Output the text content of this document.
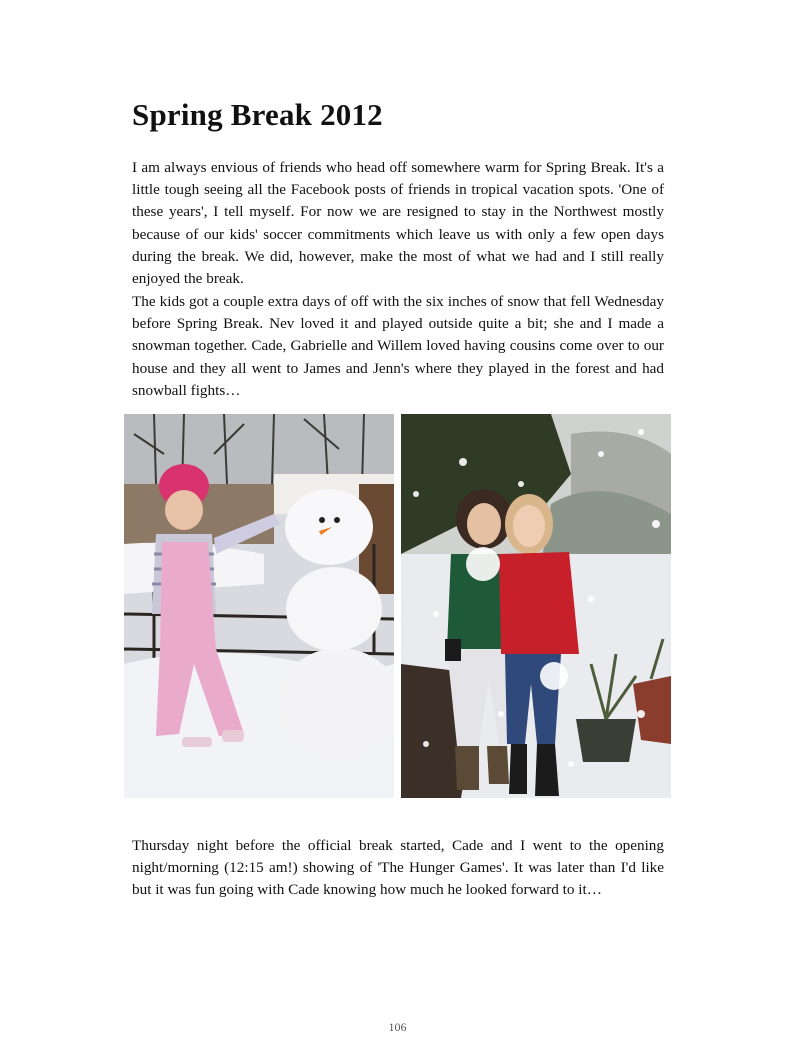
Spring Break 2012

I am always envious of friends who head off somewhere warm for Spring Break. It's a little tough seeing all the Facebook posts of friends in tropical vacation spots. 'One of these years', I tell myself. For now we are resigned to stay in the Northwest mostly because of our kids' soccer commitments which leave us with only a few open days during the break. We did, however, make the most of what we had and I still really enjoyed the break.

The kids got a couple extra days of off with the six inches of snow that fell Wednesday before Spring Break. Nev loved it and played outside quite a bit; she and I made a snowman together. Cade, Gabrielle and Willem loved having cousins come over to our house and they all went to James and Jenn's where they played in the forest and had snowball fights…

Thursday night before the official break started, Cade and I went to the opening night/morning (12:15 am!) showing of 'The Hunger Games'. It was later than I'd like but it was fun going with Cade knowing how much he looked forward to it…

106
